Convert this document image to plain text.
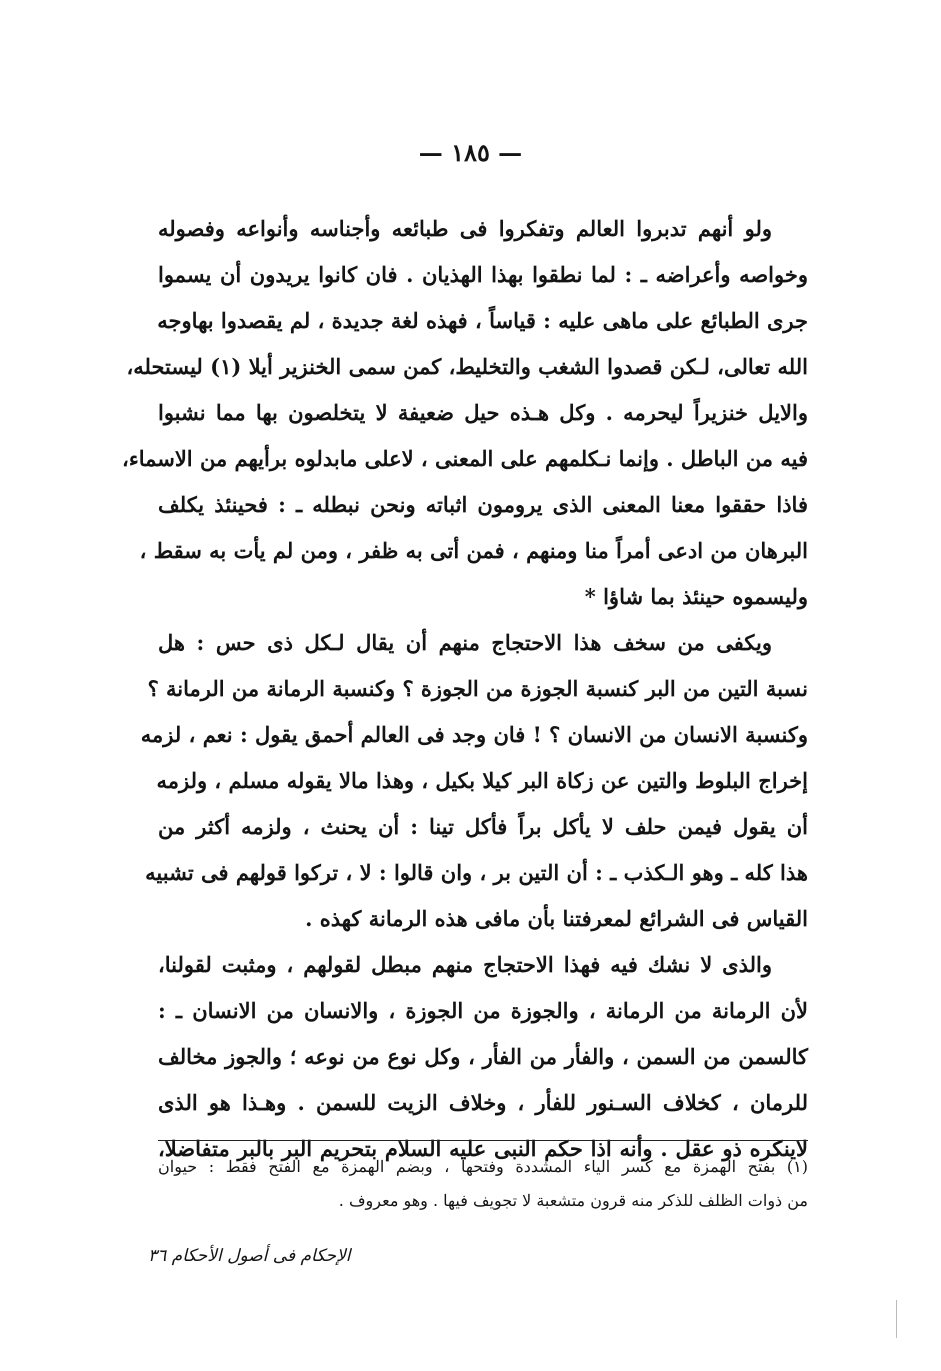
— ١٨٥ —
ولو أنهم تدبروا العالم وتفكروا فى طبائعه وأجناسه وأنواعه وفصوله
وخواصه وأعراضه ـ : لما نطقوا بهذا الهذيان . فان كانوا يريدون أن يسموا
جرى الطبائع على ماهى عليه : قياساً ، فهذه لغة جديدة ، لم يقصدوا بهاوجه
الله تعالى، لـكن قصدوا الشغب والتخليط، كمن سمى الخنزير أيلا (١) ليستحله،
والايل خنزيراً ليحرمه . وكل هـذه حيل ضعيفة لا يتخلصون بها مما نشبوا
فيه من الباطل . وإنما نـكلمهم على المعنى ، لاعلى مابدلوه برأيهم من الاسماء،
فاذا حققوا معنا المعنى الذى يرومون اثباته ونحن نبطله ـ : فحينئذ يكلف
البرهان من ادعى أمراً منا ومنهم ، فمن أتى به ظفر ، ومن لم يأت به سقط ،
وليسموه حينئذ بما شاؤا *
ويكفى من سخف هذا الاحتجاج منهم أن يقال لـكل ذى حس : هل
نسبة التين من البر كنسبة الجوزة من الجوزة ؟ وكنسبة الرمانة من الرمانة ؟
وكنسبة الانسان من الانسان ؟ ! فان وجد فى العالم أحمق يقول : نعم ، لزمه
إخراج البلوط والتين عن زكاة البر كيلا بكيل ، وهذا مالا يقوله مسلم ، ولزمه
أن يقول فيمن حلف لا يأكل براً فأكل تينا : أن يحنث ، ولزمه أكثر من
هذا كله ـ وهو الـكذب ـ : أن التين بر ، وان قالوا : لا ، تركوا قولهم فى تشبيه
القياس فى الشرائع لمعرفتنا بأن مافى هذه الرمانة كهذه .
والذى لا نشك فيه فهذا الاحتجاج منهم مبطل لقولهم ، ومثبت لقولنا،
لأن الرمانة من الرمانة ، والجوزة من الجوزة ، والانسان من الانسان ـ :
كالسمن من السمن ، والفأر من الفأر ، وكل نوع من نوعه ؛ والجوز مخالف
للرمان ، كخلاف السـنور للفأر ، وخلاف الزيت للسمن . وهـذا هو الذى
لاينكره ذو عقل . وأنه اذا حكم النبى عليه السلام بتحريم البر بالبر متفاضلا،
(١) بفتح الهمزة مع كسر الياء المشددة وفتحها ، وبضم الهمزة مع الفتح فقط : حيوان
من ذوات الظلف للذكر منه قرون متشعبة لا تجويف فيها . وهو معروف .
الإحكام فى أصول الأحكام ٣٦
